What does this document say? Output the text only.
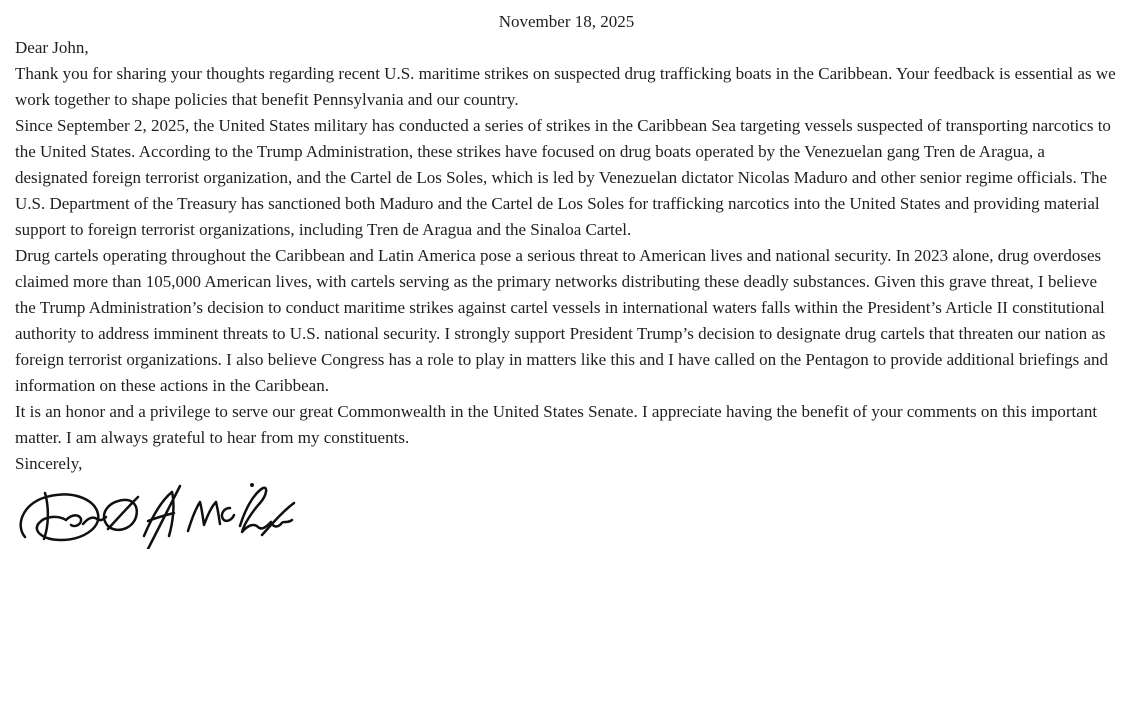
November 18, 2025

Dear John,

Thank you for sharing your thoughts regarding recent U.S. maritime strikes on suspected drug trafficking boats in the Caribbean. Your feedback is essential as we work together to shape policies that benefit Pennsylvania and our country.

Since September 2, 2025, the United States military has conducted a series of strikes in the Caribbean Sea targeting vessels suspected of transporting narcotics to the United States. According to the Trump Administration, these strikes have focused on drug boats operated by the Venezuelan gang Tren de Aragua, a designated foreign terrorist organization, and the Cartel de Los Soles, which is led by Venezuelan dictator Nicolas Maduro and other senior regime officials. The U.S. Department of the Treasury has sanctioned both Maduro and the Cartel de Los Soles for trafficking narcotics into the United States and providing material support to foreign terrorist organizations, including Tren de Aragua and the Sinaloa Cartel.

Drug cartels operating throughout the Caribbean and Latin America pose a serious threat to American lives and national security. In 2023 alone, drug overdoses claimed more than 105,000 American lives, with cartels serving as the primary networks distributing these deadly substances. Given this grave threat, I believe the Trump Administration’s decision to conduct maritime strikes against cartel vessels in international waters falls within the President’s Article II constitutional authority to address imminent threats to U.S. national security. I strongly support President Trump’s decision to designate drug cartels that threaten our nation as foreign terrorist organizations. I also believe Congress has a role to play in matters like this and I have called on the Pentagon to provide additional briefings and information on these actions in the Caribbean.

It is an honor and a privilege to serve our great Commonwealth in the United States Senate. I appreciate having the benefit of your comments on this important matter. I am always grateful to hear from my constituents.

Sincerely,
